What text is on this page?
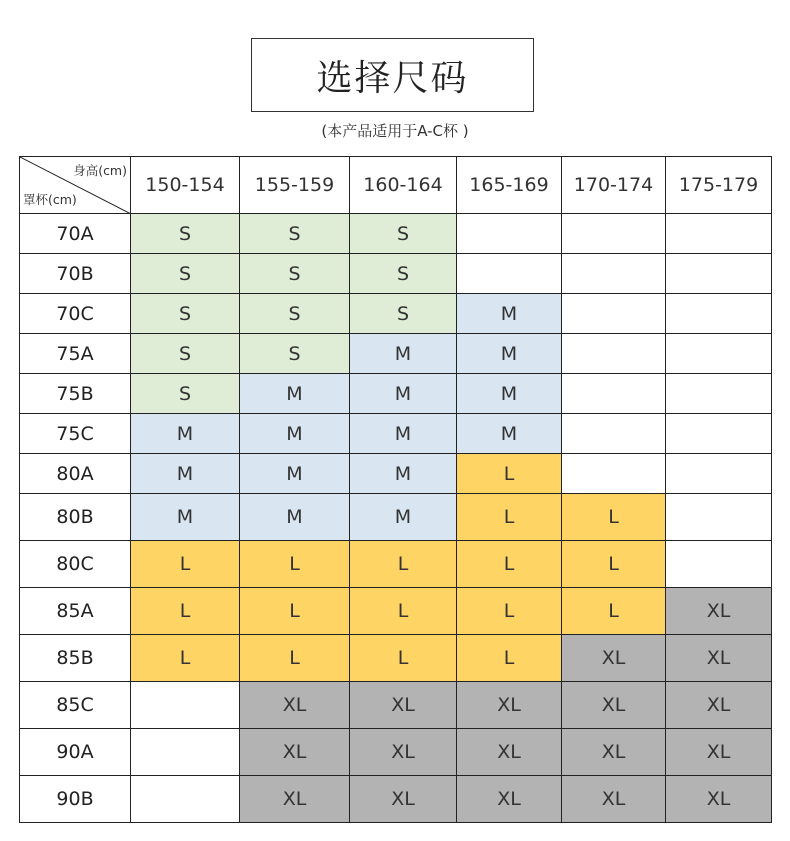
选择尺码
(本产品适用于A-C杯 )
身高(cm)
罩杯(cm)	150-154	155-159	160-164	165-169	170-174	175-179
70A	S	S	S			
70B	S	S	S			
70C	S	S	S	M		
75A	S	S	M	M		
75B	S	M	M	M		
75C	M	M	M	M		
80A	M	M	M	L		
80B	M	M	M	L	L	
80C	L	L	L	L	L	
85A	L	L	L	L	L	XL
85B	L	L	L	L	XL	XL
85C		XL	XL	XL	XL	XL
90A		XL	XL	XL	XL	XL
90B		XL	XL	XL	XL	XL
